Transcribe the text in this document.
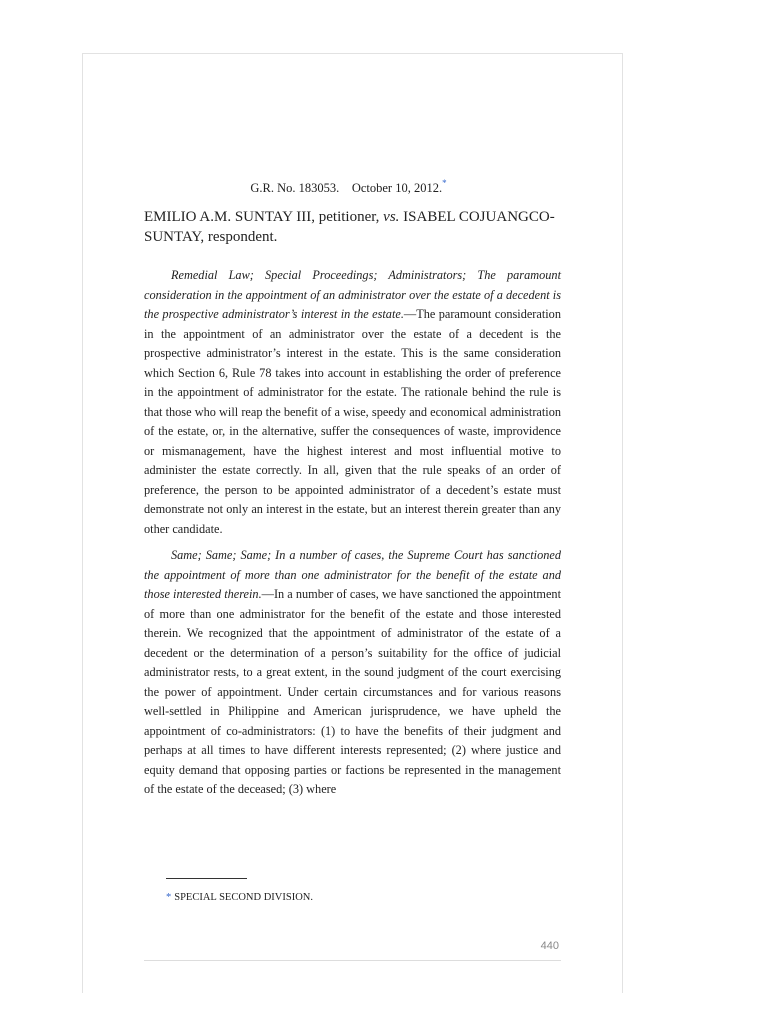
G.R. No. 183053. October 10, 2012.*
EMILIO A.M. SUNTAY III, petitioner, vs. ISABEL COJUANGCO-SUNTAY, respondent.

Remedial Law; Special Proceedings; Administrators; The paramount consideration in the appointment of an administrator over the estate of a decedent is the prospective administrator’s interest in the estate.—The paramount consideration in the appointment of an administrator over the estate of a decedent is the prospective administrator’s interest in the estate. This is the same consideration which Section 6, Rule 78 takes into account in establishing the order of preference in the appointment of administrator for the estate. The rationale behind the rule is that those who will reap the benefit of a wise, speedy and economical administration of the estate, or, in the alternative, suffer the consequences of waste, improvidence or mismanagement, have the highest interest and most influential motive to administer the estate correctly. In all, given that the rule speaks of an order of preference, the person to be appointed administrator of a decedent’s estate must demonstrate not only an interest in the estate, but an interest therein greater than any other candidate.

Same; Same; Same; In a number of cases, the Supreme Court has sanctioned the appointment of more than one administrator for the benefit of the estate and those interested therein.—In a number of cases, we have sanctioned the appointment of more than one administrator for the benefit of the estate and those interested therein. We recognized that the appointment of administrator of the estate of a decedent or the determination of a person’s suitability for the office of judicial administrator rests, to a great extent, in the sound judgment of the court exercising the power of appointment. Under certain circumstances and for various reasons well-settled in Philippine and American jurisprudence, we have upheld the appointment of co-administrators: (1) to have the benefits of their judgment and perhaps at all times to have different interests represented; (2) where justice and equity demand that opposing parties or factions be represented in the management of the estate of the deceased; (3) where

* SPECIAL SECOND DIVISION.
440
